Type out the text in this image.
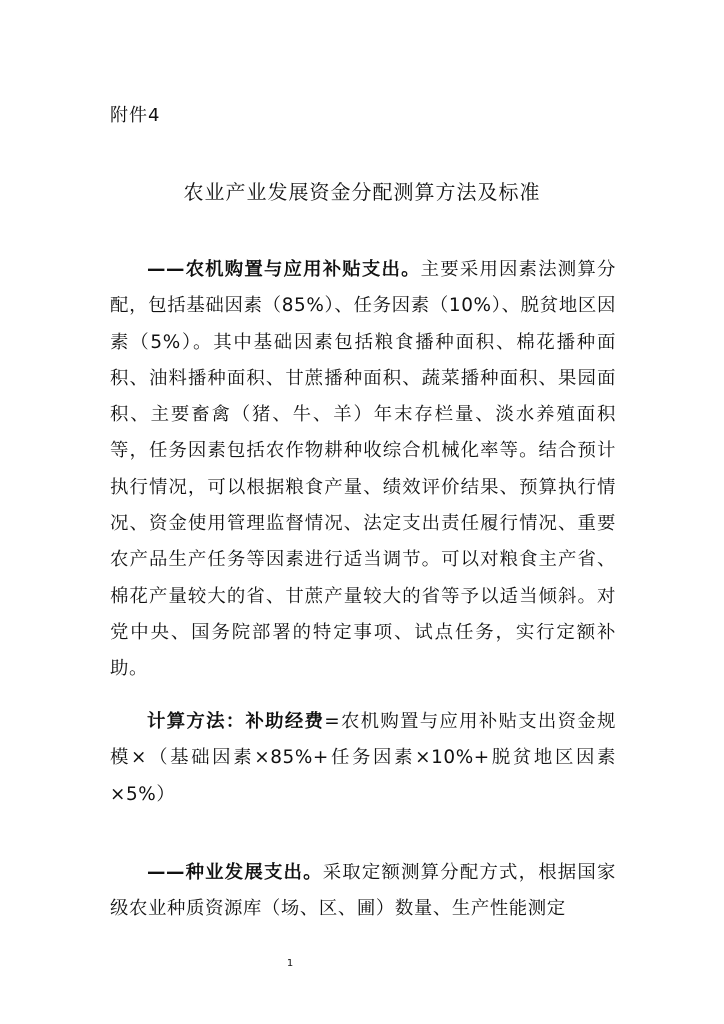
附件4
农业产业发展资金分配测算方法及标准

——农机购置与应用补贴支出。主要采用因素法测算分配，包括基础因素（85%）、任务因素（10%）、脱贫地区因素（5%）。其中基础因素包括粮食播种面积、棉花播种面积、油料播种面积、甘蔗播种面积、蔬菜播种面积、果园面积、主要畜禽（猪、牛、羊）年末存栏量、淡水养殖面积等，任务因素包括农作物耕种收综合机械化率等。结合预计执行情况，可以根据粮食产量、绩效评价结果、预算执行情况、资金使用管理监督情况、法定支出责任履行情况、重要农产品生产任务等因素进行适当调节。可以对粮食主产省、棉花产量较大的省、甘蔗产量较大的省等予以适当倾斜。对党中央、国务院部署的特定事项、试点任务，实行定额补助。

计算方法：补助经费=农机购置与应用补贴支出资金规模×（基础因素×85%+任务因素×10%+脱贫地区因素×5%）

——种业发展支出。采取定额测算分配方式，根据国家级农业种质资源库（场、区、圃）数量、生产性能测定

1
